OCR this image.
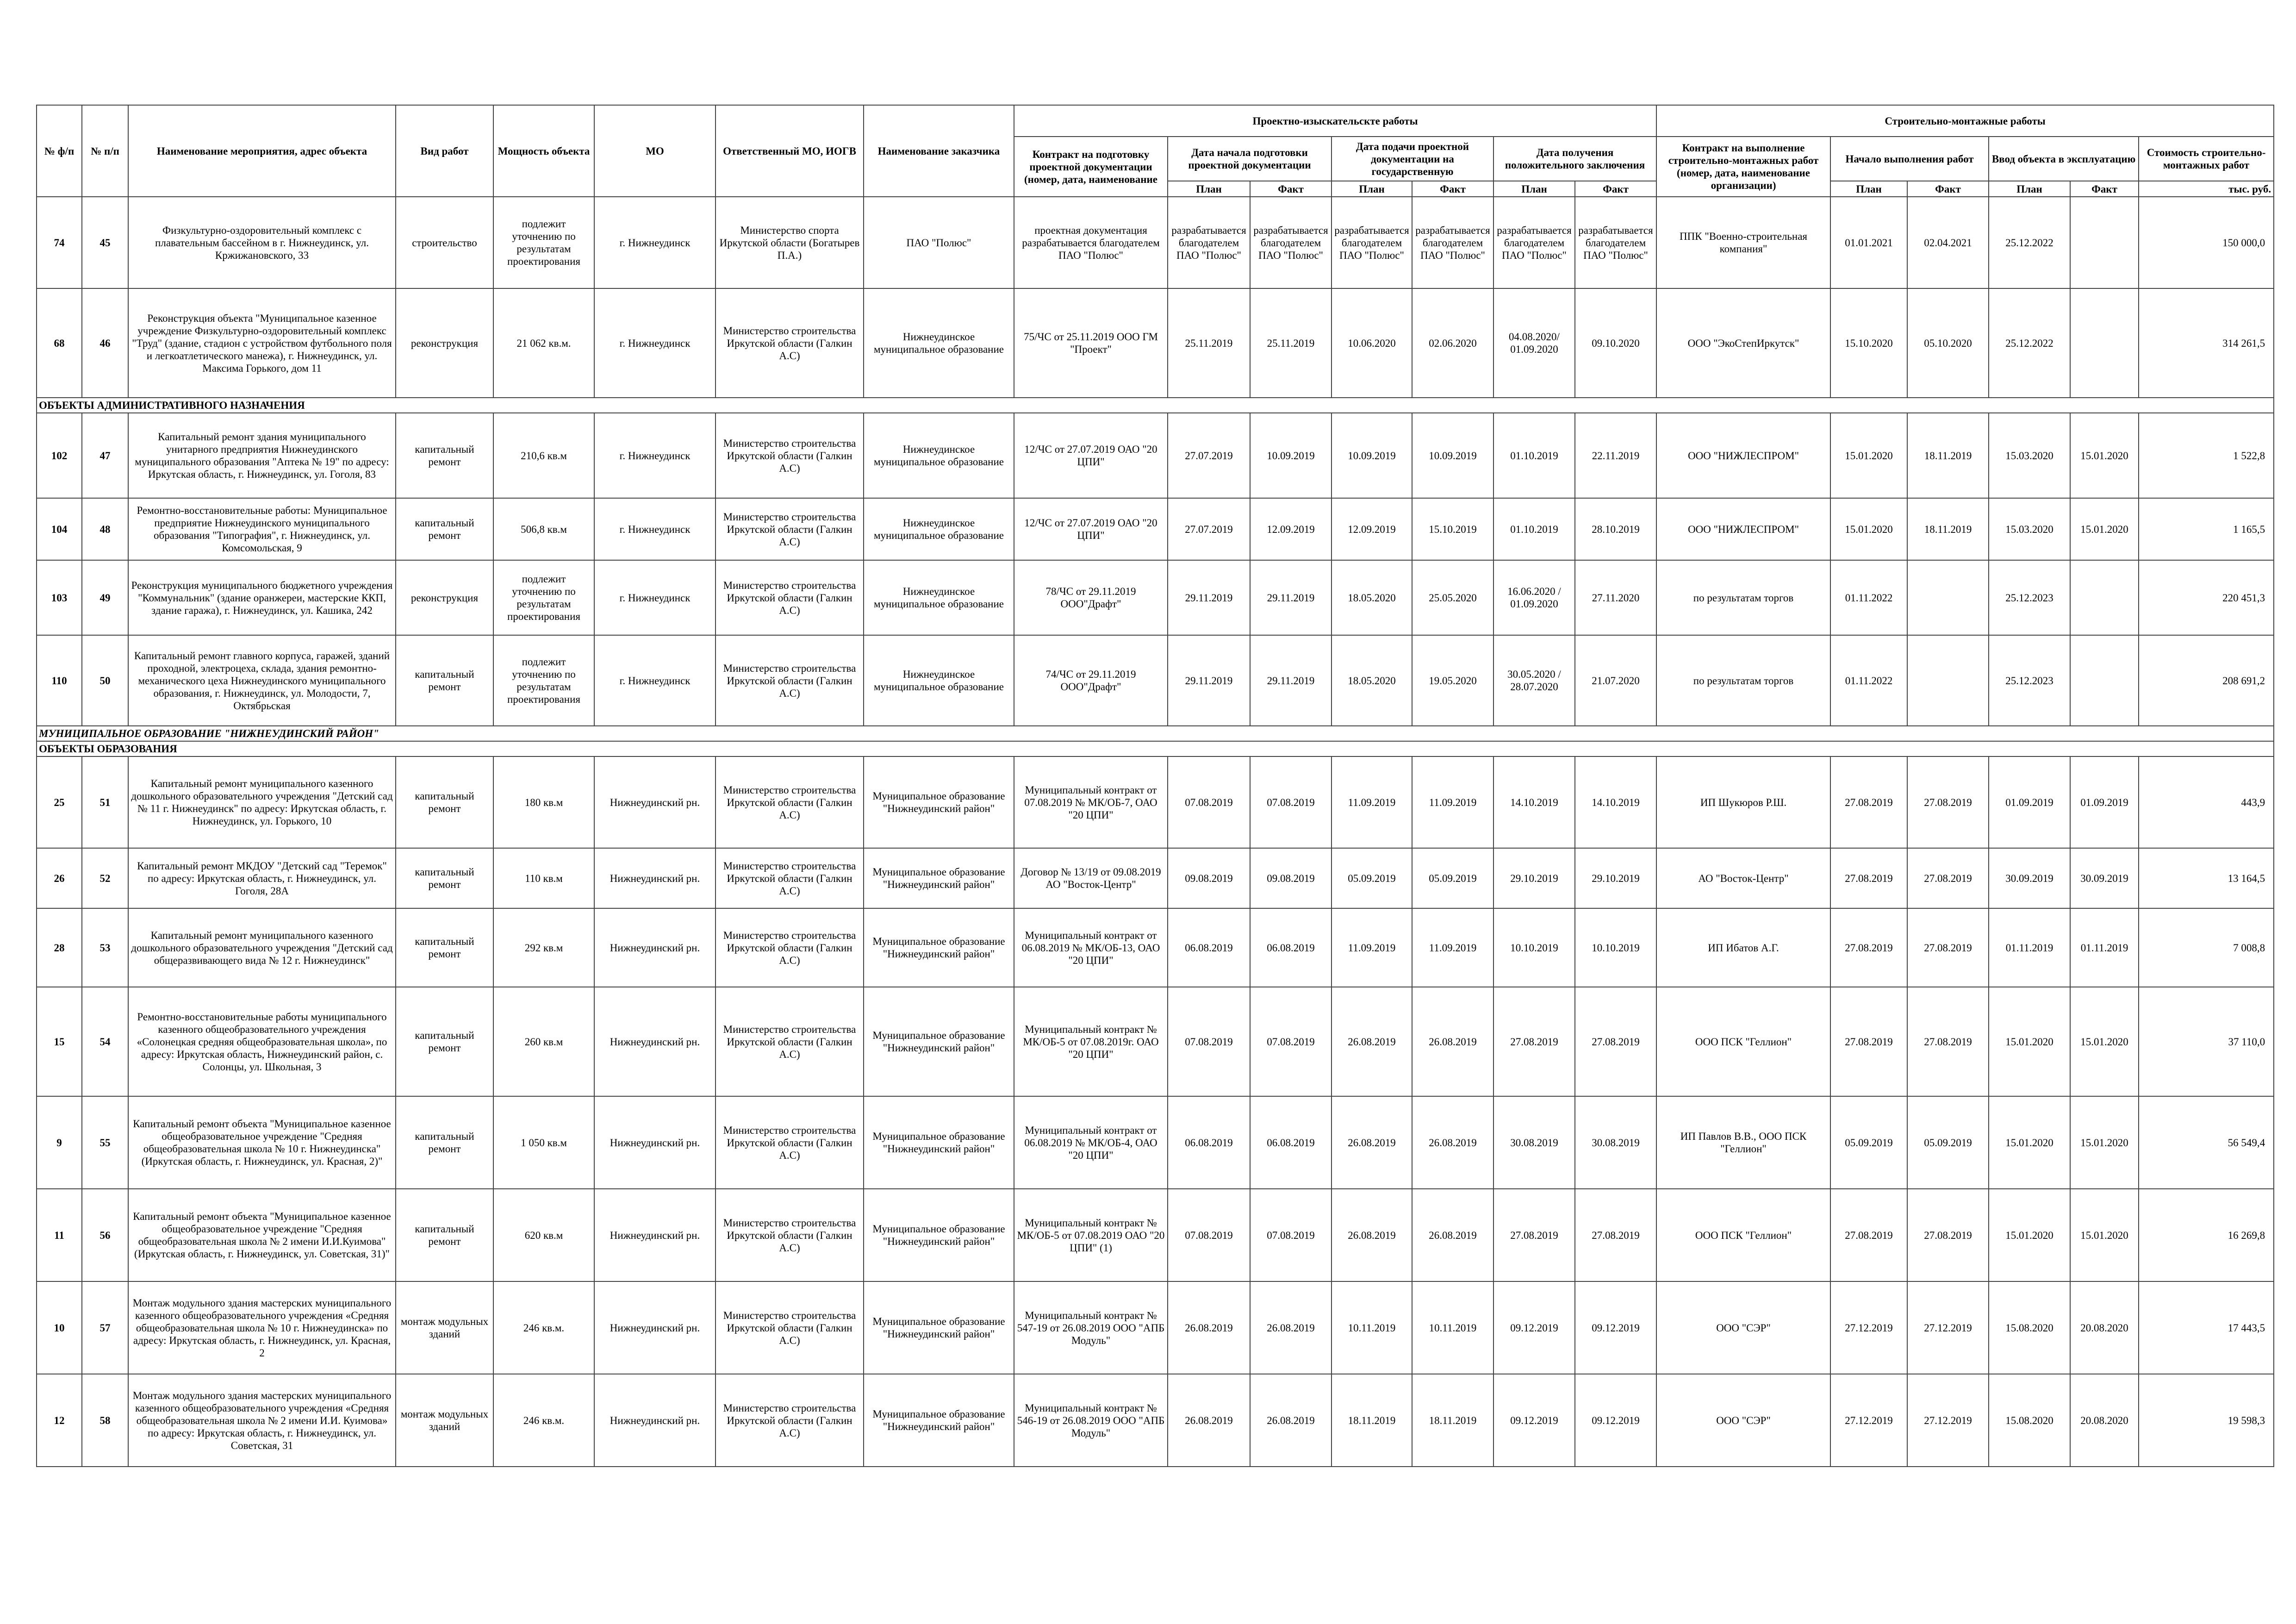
№ ф/п	№ п/п	Наименование мероприятия, адрес объекта	Вид работ	Мощность объекта	МО	Ответственный МО, ИОГВ	Наименование заказчика	Проектно-изыскательскте работы							Строительно-монтажные работы					
								Контракт на подготовку проектной документации (номер, дата, наименование	Дата начала подготовки проектной документации		Дата подачи проектной документации на государственную		Дата получения положительного заключения		Контракт на выполнение строительно-монтажных работ (номер, дата, наименование организации)	Начало выполнения работ		Ввод объекта в эксплуатацию		Стоимость строительно-монтажных работ
									План	Факт	План	Факт	План	Факт		План	Факт	План	Факт	тыс. руб.
74	45	Физкультурно-оздоровительный комплекс с плавательным бассейном в г. Нижнеудинск, ул. Кржижановского, 33	строительство	подлежит уточнению по результатам проектирования	г. Нижнеудинск	Министерство спорта Иркутской области (Богатырев П.А.)	ПАО "Полюс"	проектная документация разрабатывается благодателем ПАО "Полюс"	разрабатывается благодателем ПАО "Полюс"	разрабатывается благодателем ПАО "Полюс"	разрабатывается благодателем ПАО "Полюс"	разрабатывается благодателем ПАО "Полюс"	разрабатывается благодателем ПАО "Полюс"	разрабатывается благодателем ПАО "Полюс"	ППК "Военно-строительная компания"	01.01.2021	02.04.2021	25.12.2022		150 000,0
68	46	Реконструкция объекта "Муниципальное казенное учреждение Физкультурно-оздоровительный комплекс "Труд" (здание, стадион с устройством футбольного поля и легкоатлетического манежа), г. Нижнеудинск, ул. Максима Горького, дом 11	реконструкция	21 062 кв.м.	г. Нижнеудинск	Министерство строительства Иркутской области (Галкин А.С)	Нижнеудинское муниципальное образование	75/ЧС от 25.11.2019 ООО ГМ "Проект"	25.11.2019	25.11.2019	10.06.2020	02.06.2020	04.08.2020/ 01.09.2020	09.10.2020	ООО "ЭкоСтепИркутск"	15.10.2020	05.10.2020	25.12.2022		314 261,5
ОБЪЕКТЫ АДМИНИСТРАТИВНОГО НАЗНАЧЕНИЯ																				
102	47	Капитальный ремонт здания муниципального унитарного предприятия Нижнеудинского муниципального образования "Аптека № 19" по адресу: Иркутская область, г. Нижнеудинск, ул. Гоголя, 83	капитальный ремонт	210,6 кв.м	г. Нижнеудинск	Министерство строительства Иркутской области (Галкин А.С)	Нижнеудинское муниципальное образование	12/ЧС от 27.07.2019 ОАО "20 ЦПИ"	27.07.2019	10.09.2019	10.09.2019	10.09.2019	01.10.2019	22.11.2019	ООО "НИЖЛЕСПРОМ"	15.01.2020	18.11.2019	15.03.2020	15.01.2020	1 522,8
104	48	Ремонтно-восстановительные работы: Муниципальное предприятие Нижнеудинского муниципального образования "Типография", г. Нижнеудинск, ул. Комсомольская, 9	капитальный ремонт	506,8 кв.м	г. Нижнеудинск	Министерство строительства Иркутской области (Галкин А.С)	Нижнеудинское муниципальное образование	12/ЧС от 27.07.2019 ОАО "20 ЦПИ"	27.07.2019	12.09.2019	12.09.2019	15.10.2019	01.10.2019	28.10.2019	ООО "НИЖЛЕСПРОМ"	15.01.2020	18.11.2019	15.03.2020	15.01.2020	1 165,5
103	49	Реконструкция муниципального бюджетного учреждения "Коммунальник" (здание оранжереи, мастерские ККП, здание гаража), г. Нижнеудинск, ул. Кашика, 242	реконструкция	подлежит уточнению по результатам проектирования	г. Нижнеудинск	Министерство строительства Иркутской области (Галкин А.С)	Нижнеудинское муниципальное образование	78/ЧС от 29.11.2019 ООО"Драфт"	29.11.2019	29.11.2019	18.05.2020	25.05.2020	16.06.2020 / 01.09.2020	27.11.2020	по результатам торгов	01.11.2022		25.12.2023		220 451,3
110	50	Капитальный ремонт главного корпуса, гаражей, зданий проходной, электроцеха, склада, здания ремонтно-механического цеха Нижнеудинского муниципального образования, г. Нижнеудинск, ул. Молодости, 7, Октябрьская	капитальный ремонт	подлежит уточнению по результатам проектирования	г. Нижнеудинск	Министерство строительства Иркутской области (Галкин А.С)	Нижнеудинское муниципальное образование	74/ЧС от 29.11.2019 ООО"Драфт"	29.11.2019	29.11.2019	18.05.2020	19.05.2020	30.05.2020 / 28.07.2020	21.07.2020	по результатам торгов	01.11.2022		25.12.2023		208 691,2
МУНИЦИПАЛЬНОЕ ОБРАЗОВАНИЕ "НИЖНЕУДИНСКИЙ РАЙОН"																				
ОБЪЕКТЫ ОБРАЗОВАНИЯ																				
25	51	Капитальный ремонт муниципального казенного дошкольного образовательного учреждения "Детский сад № 11 г. Нижнеудинск" по адресу: Иркутская область, г. Нижнеудинск, ул. Горького, 10	капитальный ремонт	180 кв.м	Нижнеудинский рн.	Министерство строительства Иркутской области (Галкин А.С)	Муниципальное образование "Нижнеудинский район"	Муниципальный контракт от 07.08.2019 № МК/ОБ-7, ОАО "20 ЦПИ"	07.08.2019	07.08.2019	11.09.2019	11.09.2019	14.10.2019	14.10.2019	ИП Шукюров Р.Ш.	27.08.2019	27.08.2019	01.09.2019	01.09.2019	443,9
26	52	Капитальный ремонт МКДОУ "Детский сад "Теремок" по адресу: Иркутская область, г. Нижнеудинск, ул. Гоголя, 28А	капитальный ремонт	110 кв.м	Нижнеудинский рн.	Министерство строительства Иркутской области (Галкин А.С)	Муниципальное образование "Нижнеудинский район"	Договор № 13/19 от 09.08.2019 АО "Восток-Центр"	09.08.2019	09.08.2019	05.09.2019	05.09.2019	29.10.2019	29.10.2019	АО "Восток-Центр"	27.08.2019	27.08.2019	30.09.2019	30.09.2019	13 164,5
28	53	Капитальный ремонт муниципального казенного дошкольного образовательного учреждения "Детский сад общеразвивающего вида № 12 г. Нижнеудинск"	капитальный ремонт	292 кв.м	Нижнеудинский рн.	Министерство строительства Иркутской области (Галкин А.С)	Муниципальное образование "Нижнеудинский район"	Муниципальный контракт от 06.08.2019 № МК/ОБ-13, ОАО "20 ЦПИ"	06.08.2019	06.08.2019	11.09.2019	11.09.2019	10.10.2019	10.10.2019	ИП Ибатов А.Г.	27.08.2019	27.08.2019	01.11.2019	01.11.2019	7 008,8
15	54	Ремонтно-восстановительные работы муниципального казенного общеобразовательного учреждения «Солонецкая средняя общеобразовательная школа», по адресу: Иркутская область, Нижнеудинский район, с. Солонцы, ул. Школьная, 3	капитальный ремонт	260 кв.м	Нижнеудинский рн.	Министерство строительства Иркутской области (Галкин А.С)	Муниципальное образование "Нижнеудинский район"	Муниципальный контракт № МК/ОБ-5 от 07.08.2019г. ОАО "20 ЦПИ"	07.08.2019	07.08.2019	26.08.2019	26.08.2019	27.08.2019	27.08.2019	ООО ПСК "Геллион"	27.08.2019	27.08.2019	15.01.2020	15.01.2020	37 110,0
9	55	Капитальный ремонт объекта "Муниципальное казенное общеобразовательное учреждение "Средняя общеобразовательная школа № 10 г. Нижнеудинска" (Иркутская область, г. Нижнеудинск, ул. Красная, 2)"	капитальный ремонт	1 050 кв.м	Нижнеудинский рн.	Министерство строительства Иркутской области (Галкин А.С)	Муниципальное образование "Нижнеудинский район"	Муниципальный контракт от 06.08.2019 № МК/ОБ-4, ОАО "20 ЦПИ"	06.08.2019	06.08.2019	26.08.2019	26.08.2019	30.08.2019	30.08.2019	ИП Павлов В.В., ООО ПСК "Геллион"	05.09.2019	05.09.2019	15.01.2020	15.01.2020	56 549,4
11	56	Капитальный ремонт объекта "Муниципальное казенное общеобразовательное учреждение "Средняя общеобразовательная школа № 2 имени И.И.Куимова" (Иркутская область, г. Нижнеудинск, ул. Советская, 31)"	капитальный ремонт	620 кв.м	Нижнеудинский рн.	Министерство строительства Иркутской области (Галкин А.С)	Муниципальное образование "Нижнеудинский район"	Муниципальный контракт № МК/ОБ-5 от 07.08.2019 ОАО "20 ЦПИ" (1)	07.08.2019	07.08.2019	26.08.2019	26.08.2019	27.08.2019	27.08.2019	ООО ПСК "Геллион"	27.08.2019	27.08.2019	15.01.2020	15.01.2020	16 269,8
10	57	Монтаж модульного здания мастерских муниципального казенного общеобразовательного учреждения «Средняя общеобразовательная школа № 10 г. Нижнеудинска» по адресу: Иркутская область, г. Нижнеудинск, ул. Красная, 2	монтаж модульных зданий	246 кв.м.	Нижнеудинский рн.	Министерство строительства Иркутской области (Галкин А.С)	Муниципальное образование "Нижнеудинский район"	Муниципальный контракт № 547-19 от 26.08.2019 ООО "АПБ Модуль"	26.08.2019	26.08.2019	10.11.2019	10.11.2019	09.12.2019	09.12.2019	ООО "СЭР"	27.12.2019	27.12.2019	15.08.2020	20.08.2020	17 443,5
12	58	Монтаж модульного здания мастерских муниципального казенного общеобразовательного учреждения «Средняя общеобразовательная школа № 2 имени И.И. Куимова» по адресу: Иркутская область, г. Нижнеудинск, ул. Советская, 31	монтаж модульных зданий	246 кв.м.	Нижнеудинский рн.	Министерство строительства Иркутской области (Галкин А.С)	Муниципальное образование "Нижнеудинский район"	Муниципальный контракт № 546-19 от 26.08.2019 ООО "АПБ Модуль"	26.08.2019	26.08.2019	18.11.2019	18.11.2019	09.12.2019	09.12.2019	ООО "СЭР"	27.12.2019	27.12.2019	15.08.2020	20.08.2020	19 598,3
